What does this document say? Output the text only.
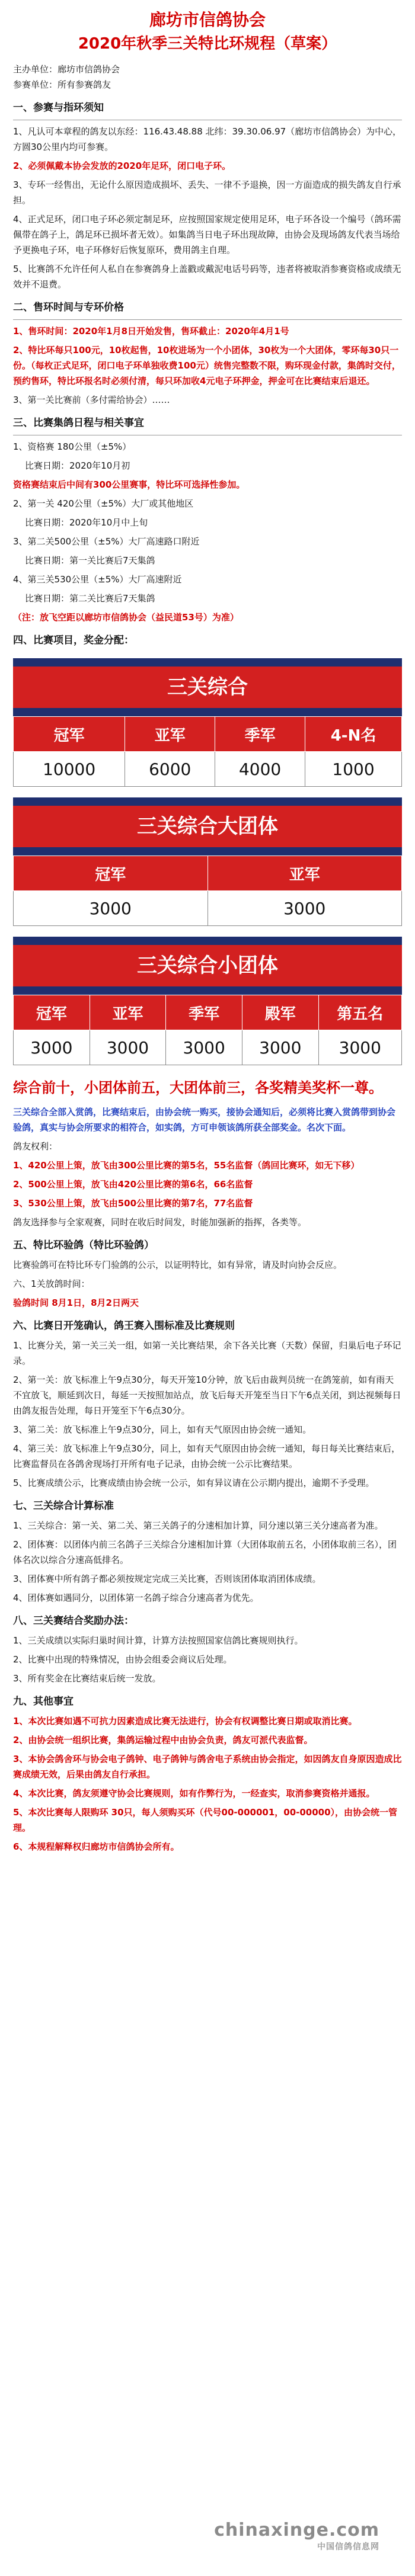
廊坊市信鸽协会
2020年秋季三关特比环规程（草案）
主办单位：廊坊市信鸽协会
参赛单位：所有参赛鸽友
一、参赛与指环须知

1、凡认可本章程的鸽友以东经：116.43.48.88 北纬：39.30.06.97（廊坊市信鸽协会）为中心，方圆30公里内均可参赛。

2、必须佩戴本协会发放的2020年足环，闭口电子环。

3、专环一经售出，无论什么原因造成损坏、丢失、一律不予退换，因一方面造成的损失鸽友自行承担。

4、正式足环，闭口电子环必须定制足环，应按照国家规定使用足环，电子环各设一个编号（鸽环需佩带在鸽子上，鸽足环已损坏者无效）。如集鸽当日电子环出现故障，由协会及现场鸽友代表当场给予更换电子环，电子环修好后恢复原环，费用鸽主自理。

5、比赛鸽不允许任何人私自在参赛鸽身上盖戳或戴泥电话号码等，违者将被取消参赛资格或成绩无效并不退费。

二、售环时间与专环价格

1、售环时间：2020年1月8日开始发售，售环截止：2020年4月1号

2、特比环每只100元，10枚起售，10枚进场为一个小团体，30枚为一个大团体，零环每30只一份。（每枚正式足环，闭口电子环单独收费100元）统售完整数不限，购环现金付款，集鸽时交付，预约售环，特比环报名时必须付清，每只环加收4元电子环押金，押金可在比赛结束后退还。

3、第一关比赛前（多付需给协会）……

三、比赛集鸽日程与相关事宜

1、资格赛 180公里（±5%）

比赛日期：2020年10月初

资格赛结束后中间有300公里赛事，特比环可选择性参加。

2、第一关 420公里（±5%）大厂或其他地区

比赛日期：2020年10月中上旬

3、第二关500公里（±5%）大厂高速路口附近

比赛日期：第一关比赛后7天集鸽

4、第三关530公里（±5%）大厂高速附近

比赛日期：第二关比赛后7天集鸽

（注：放飞空距以廊坊市信鸽协会（益民道53号）为准）

四、比赛项目，奖金分配：
三关综合
冠军	亚军	季军	4-N名
10000	6000	4000	1000
三关综合大团体
冠军	亚军
3000	3000
三关综合小团体
冠军	亚军	季军	殿军	第五名
3000	3000	3000	3000	3000
综合前十，小团体前五，大团体前三，各奖精美奖杯一尊。

三关综合全部入赏鸽，比赛结束后，由协会统一购买，接协会通知后，必须将比赛入赏鸽带到协会验鸽，真实与协会所要求的相符合，如实鸽，方可申领该鸽所获全部奖金。名次下面。

鸽友权利：

1、420公里上策，放飞由300公里比赛的第5名，55名监督（鸽回比赛环，如无下移）

2、500公里上策，放飞由420公里比赛的第6名，66名监督

3、530公里上策，放飞由500公里比赛的第7名，77名监督

鸽友选择参与全家观赛，同时在收后时间发，时能加强新的指挥，各类等。

五、特比环验鸽（特比环验鸽）

比赛验鸽可在特比环专门验鸽的公示，以证明特比，如有异常，请及时向协会反应。

六、1关放鸽时间：

验鸽时间 8月1日，8月2日两天

六、比赛日开笼确认，鸽王赛入围标准及比赛规则

1、比赛分关，第一关三关一组，如第一关比赛结果，余下各关比赛（天数）保留，归巢后电子环记录。

2、第一关：放飞标准上午9点30分，每天开笼10分钟，放飞后由裁判员统一在鸽笼前，如有雨天不宜放飞，顺延到次日，每延一天按照加站点，放飞后每天开笼至当日下午6点关闭，到达视频每日由鸽友报告处理，每日开笼至下午6点30分。

3、第二关：放飞标准上午9点30分，同上，如有天气原因由协会统一通知。

4、第三关：放飞标准上午9点30分，同上，如有天气原因由协会统一通知，每日每关比赛结束后，比赛监督员在各鸽舍现场打开所有电子记录，由协会统一公示比赛结果。

5、比赛成绩公示，比赛成绩由协会统一公示，如有异议请在公示期内提出，逾期不予受理。

七、三关综合计算标准

1、三关综合：第一关、第二关、第三关鸽子的分速相加计算，同分速以第三关分速高者为准。

2、团体赛：以团体内前三名鸽子三关综合分速相加计算（大团体取前五名，小团体取前三名），团体名次以综合分速高低排名。

3、团体赛中所有鸽子都必须按规定完成三关比赛，否则该团体取消团体成绩。

4、团体赛如遇同分，以团体第一名鸽子综合分速高者为优先。

八、三关赛结合奖励办法：

1、三关成绩以实际归巢时间计算，计算方法按照国家信鸽比赛规则执行。

2、比赛中出现的特殊情况，由协会组委会商议后处理。

3、所有奖金在比赛结束后统一发放。

九、其他事宜

1、本次比赛如遇不可抗力因素造成比赛无法进行，协会有权调整比赛日期或取消比赛。

2、由协会统一组织比赛，集鸽运输过程中由协会负责，鸽友可派代表监督。

3、本协会鸽舍环与协会电子鸽钟、电子鸽钟与鸽舍电子系统由协会指定，如因鸽友自身原因造成比赛成绩无效，后果由鸽友自行承担。

4、本次比赛，鸽友须遵守协会比赛规则，如有作弊行为，一经查实，取消参赛资格并通报。

5、本次比赛每人限购环 30只，每人须购买环（代号00-000001，00-00000），由协会统一管理。

6、本规程解释权归廊坊市信鸽协会所有。

chinaxinge.com
中国信鸽信息网
